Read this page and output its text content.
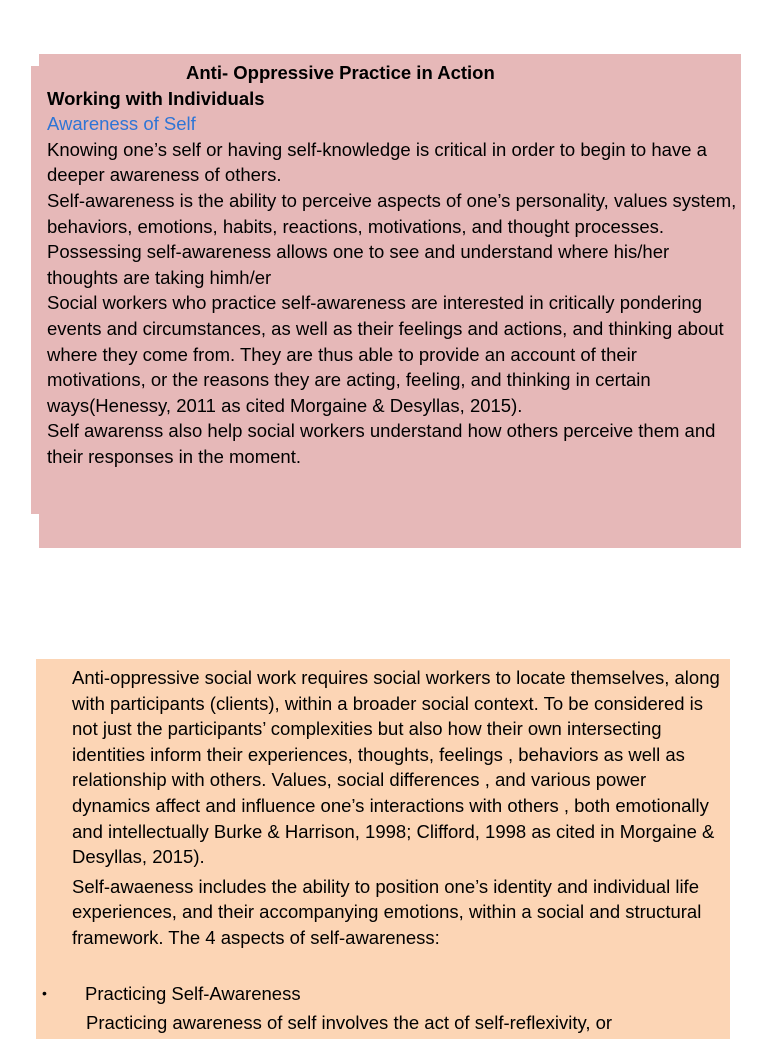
Anti- Oppressive Practice in Action

Working with Individuals

Awareness of Self

Knowing one’s self or having self-knowledge is critical in order to begin to have a deeper awareness of others.

Self-awareness is the ability to perceive aspects of one’s personality, values system, behaviors, emotions, habits, reactions, motivations, and thought processes.

Possessing self-awareness allows one to see and understand where his/her thoughts are taking himh/er

Social workers who practice self-awareness are interested in critically pondering events and circumstances, as well as their feelings and actions, and thinking about where they come from. They are thus able to provide an account of their motivations, or the reasons they are acting, feeling, and thinking in certain ways(Henessy, 2011 as cited Morgaine & Desyllas, 2015).

Self awarenss also help social workers understand how others perceive them and their responses in the moment.

Anti-oppressive social work requires social workers to locate themselves, along with participants (clients), within a broader social context. To be considered is not just the participants’ complexities but also how their own intersecting identities inform their experiences, thoughts, feelings , behaviors as well as relationship with others. Values, social differences , and various power dynamics affect and influence one’s interactions with others , both emotionally and intellectually Burke & Harrison, 1998; Clifford, 1998 as cited in Morgaine & Desyllas, 2015).

Self-awaeness includes the ability to position one’s identity and individual life experiences, and their accompanying emotions, within a social and structural framework. The 4 aspects of self-awareness:

• Practicing Self-Awareness
Practicing awareness of self involves the act of self-reflexivity, or
